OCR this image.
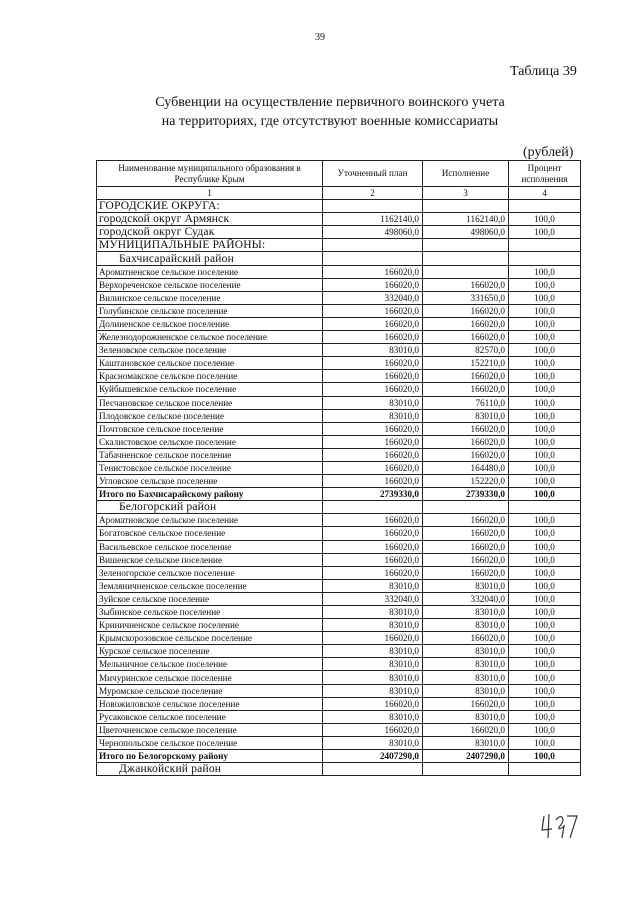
39
Таблица 39
Субвенции на осуществление первичного воинского учета
на территориях, где отсутствуют военные комиссариаты
(рублей)
Наименование муниципального образования в Республике Крым	Уточненный план	Исполнение	Процент исполнения
1	2	3	4
ГОРОДСКИЕ ОКРУГА:			
городской округ Армянск	1162140,0	1162140,0	100,0
городской округ Судак	498060,0	498060,0	100,0
МУНИЦИПАЛЬНЫЕ РАЙОНЫ:			
Бахчисарайский район			
Ароматненское сельское поселение	166020,0		100,0
Верхореченское сельское поселение	166020,0	166020,0	100,0
Вилинское сельское поселение	332040,0	331650,0	100,0
Голубинское сельское поселение	166020,0	166020,0	100,0
Долиненское сельское поселение	166020,0	166020,0	100,0
Железнодорожненское сельское поселение	166020,0	166020,0	100,0
Зеленовское сельское поселение	83010,0	82570,0	100,0
Каштановское сельское поселение	166020,0	152210,0	100,0
Красномакское сельское поселение	166020,0	166020,0	100,0
Куйбышевское сельское поселение	166020,0	166020,0	100,0
Песчановское сельское поселение	83010,0	76110,0	100,0
Плодовское сельское поселение	83010,0	83010,0	100,0
Почтовское сельское поселение	166020,0	166020,0	100,0
Скалистовское сельское поселение	166020,0	166020,0	100,0
Табачненское сельское поселение	166020,0	166020,0	100,0
Тенистовское сельское поселение	166020,0	164480,0	100,0
Угловское сельское поселение	166020,0	152220,0	100,0
Итого по Бахчисарайскому району	2739330,0	2739330,0	100,0
Белогорский район			
Ароматновское сельское поселение	166020,0	166020,0	100,0
Богатовское сельское поселение	166020,0	166020,0	100,0
Васильевское сельское поселение	166020,0	166020,0	100,0
Вишенское сельское поселение	166020,0	166020,0	100,0
Зеленогорское сельское поселение	166020,0	166020,0	100,0
Земляничненское сельское поселение	83010,0	83010,0	100,0
Зуйское сельское поселение	332040,0	332040,0	100,0
Зыбинское сельское поселение	83010,0	83010,0	100,0
Криничненское сельское поселение	83010,0	83010,0	100,0
Крымскорозовское сельское поселение	166020,0	166020,0	100,0
Курское сельское поселение	83010,0	83010,0	100,0
Мельничное сельское поселение	83010,0	83010,0	100,0
Мичуринское сельское поселение	83010,0	83010,0	100,0
Муромское сельское поселение	83010,0	83010,0	100,0
Новожиловское сельское поселение	166020,0	166020,0	100,0
Русаковское сельское поселение	83010,0	83010,0	100,0
Цветочненское сельское поселение	166020,0	166020,0	100,0
Чернопольское сельское поселение	83010,0	83010,0	100,0
Итого по Белогорскому району	2407290,0	2407290,0	100,0
Джанкойский район			
